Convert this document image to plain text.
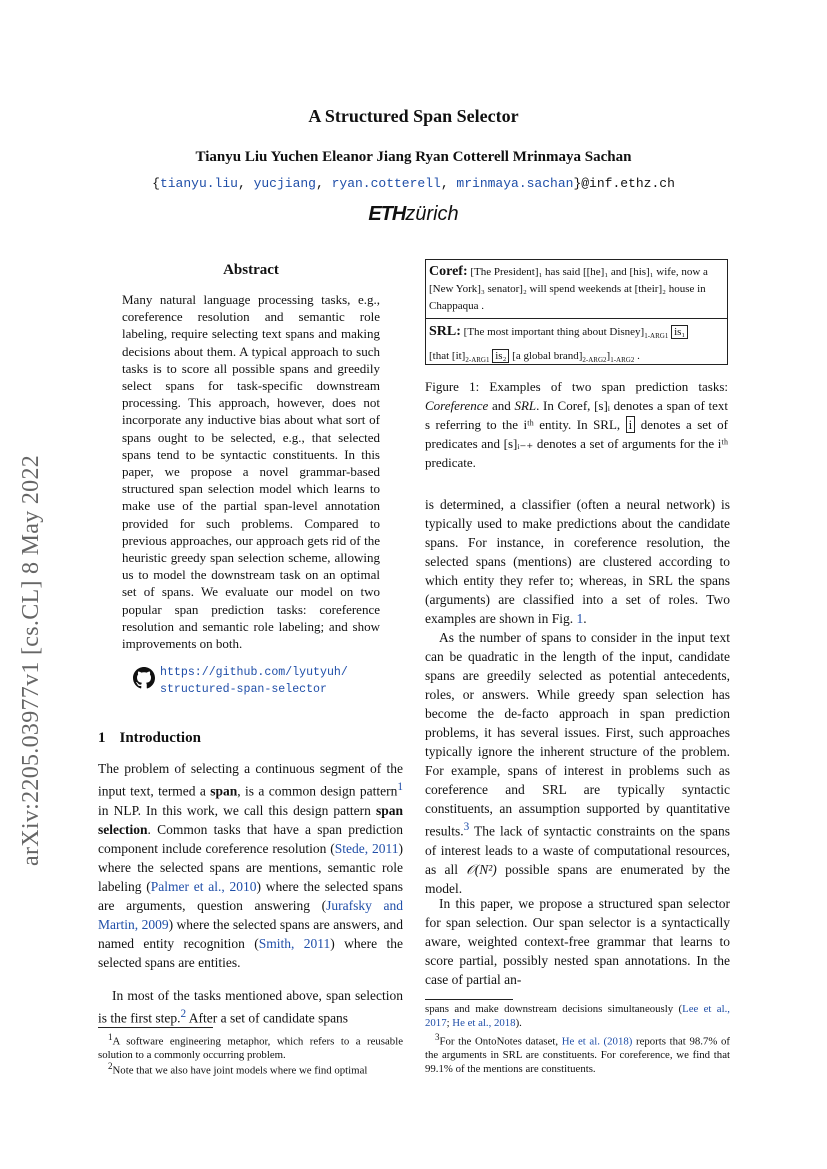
arXiv:2205.03977v1 [cs.CL] 8 May 2022
A Structured Span Selector
Tianyu Liu Yuchen Eleanor Jiang Ryan Cotterell Mrinmaya Sachan
{tianyu.liu, yucjiang, ryan.cotterell, mrinmaya.sachan}@inf.ethz.ch
ETHzürich
Abstract
Many natural language processing tasks, e.g., coreference resolution and semantic role labeling, require selecting text spans and making decisions about them. A typical approach to such tasks is to score all possible spans and greedily select spans for task-specific downstream processing. This approach, however, does not incorporate any inductive bias about what sort of spans ought to be selected, e.g., that selected spans tend to be syntactic constituents. In this paper, we propose a novel grammar-based structured span selection model which learns to make use of the partial span-level annotation provided for such problems. Compared to previous approaches, our approach gets rid of the heuristic greedy span selection scheme, allowing us to model the downstream task on an optimal set of spans. We evaluate our model on two popular span prediction tasks: coreference resolution and semantic role labeling; and show improvements on both.
https://github.com/lyutyuh/
structured-span-selector
1 Introduction
The problem of selecting a continuous segment of the input text, termed a span, is a common design pattern$^1$ in NLP. In this work, we call this design pattern span selection. Common tasks that have a span prediction component include coreference resolution (Stede, 2011) where the selected spans are mentions, semantic role labeling (Palmer et al., 2010) where the selected spans are arguments, question answering (Jurafsky and Martin, 2009) where the selected spans are answers, and named entity recognition (Smith, 2011) where the selected spans are entities.
In most of the tasks mentioned above, span selection is the first step.$^2$ After a set of candidate spans
Coref: [The President]₁ has said [[he]₁ and [his]₁ wife, now a [New York]₃ senator]₂ will spend weekends at [their]₂ house in Chappaqua .
SRL: [The most important thing about $Disney]_{1-ARG1}$ is₁
[that $[it]_{2-ARG1}$ is₂ [a global $brand]_{2-ARG2}]_{1-ARG2}$ .
Figure 1: Examples of two span prediction tasks: Coreference and SRL. In Coref, [s]ᵢ denotes a span of text s referring to the iᵗʰ entity. In SRL, i denotes a set of predicates and [s]ᵢ₋₊ denotes a set of arguments for the iᵗʰ predicate.
is determined, a classifier (often a neural network) is typically used to make predictions about the candidate spans. For instance, in coreference resolution, the selected spans (mentions) are clustered according to which entity they refer to; whereas, in SRL the spans (arguments) are classified into a set of roles. Two examples are shown in Fig. 1.
As the number of spans to consider in the input text can be quadratic in the length of the input, candidate spans are greedily selected as potential antecedents, roles, or answers. While greedy span selection has become the de-facto approach in span prediction problems, it has several issues. First, such approaches typically ignore the inherent structure of the problem. For example, spans of interest in problems such as coreference and SRL are typically syntactic constituents, an assumption supported by quantitative results.$^3$ The lack of syntactic constraints on the spans of interest leads to a waste of computational resources, as all 𝒪(N²) possible spans are enumerated by the model.
In this paper, we propose a structured span selector for span selection. Our span selector is a syntactically aware, weighted context-free grammar that learns to score partial, possibly nested span annotations. In the case of partial an-
$^1$A software engineering metaphor, which refers to a reusable solution to a commonly occurring problem.
$^2$Note that we also have joint models where we find optimal
spans and make downstream decisions simultaneously (Lee et al., 2017; He et al., 2018).
$^3$For the OntoNotes dataset, He et al. (2018) reports that 98.7% of the arguments in SRL are constituents. For coreference, we find that 99.1% of the mentions are constituents.
